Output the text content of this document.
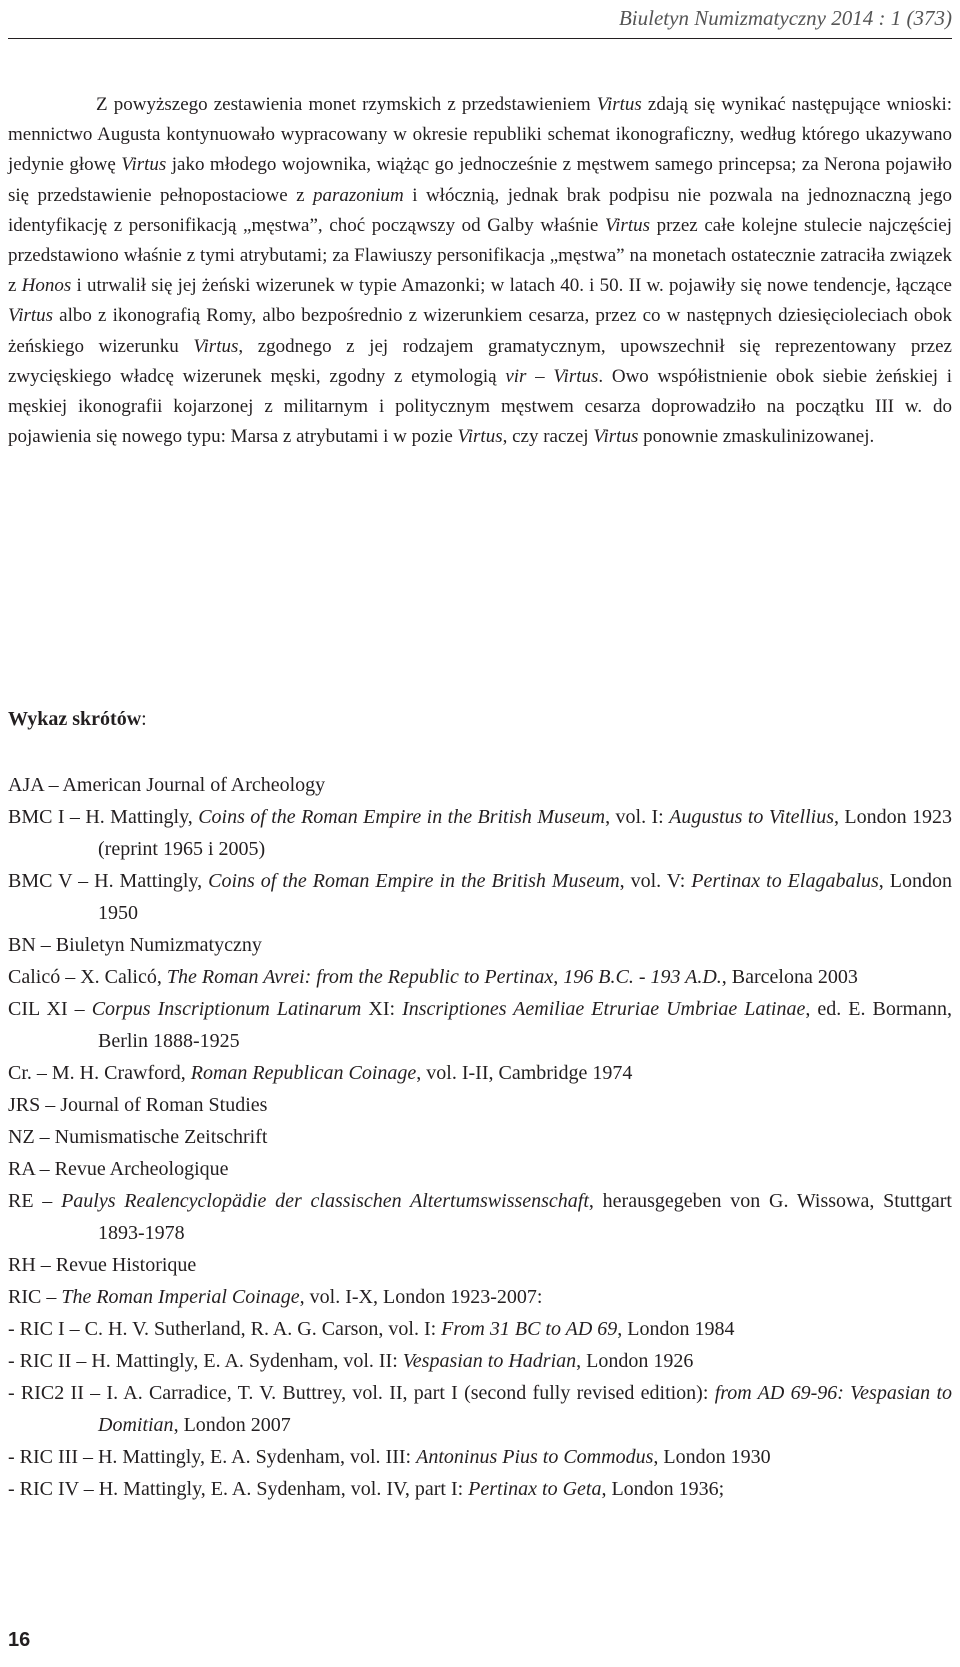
Biuletyn Numizmatyczny 2014 : 1 (373)

Z powyższego zestawienia monet rzymskich z przedstawieniem Virtus zdają się wynikać następujące wnioski: mennictwo Augusta kontynuowało wypracowany w okresie republiki schemat ikonograficzny, według którego ukazywano jedynie głowę Virtus jako młodego wojownika, wiążąc go jednocześnie z męstwem samego princepsa; za Nerona pojawiło się przedstawienie pełnopostaciowe z parazonium i włócznią, jednak brak podpisu nie pozwala na jednoznaczną jego identyfikację z personifikacją „męstwa”, choć począwszy od Galby właśnie Virtus przez całe kolejne stulecie najczęściej przedstawiono właśnie z tymi atrybutami; za Flawiuszy personifikacja „męstwa” na monetach ostatecznie zatraciła związek z Honos i utrwalił się jej żeński wizerunek w typie Amazonki; w latach 40. i 50. II w. pojawiły się nowe tendencje, łączące Virtus albo z ikonografią Romy, albo bezpośrednio z wizerunkiem cesarza, przez co w następnych dziesięcioleciach obok żeńskiego wizerunku Virtus, zgodnego z jej rodzajem gramatycznym, upowszechnił się reprezentowany przez zwycięskiego władcę wizerunek męski, zgodny z etymologią vir – Virtus. Owo współistnienie obok siebie żeńskiej i męskiej ikonografii kojarzonej z militarnym i politycznym męstwem cesarza doprowadziło na początku III w. do pojawienia się nowego typu: Marsa z atrybutami i w pozie Virtus, czy raczej Virtus ponownie zmaskulinizowanej.

Wykaz skrótów:
AJA – American Journal of Archeology
BMC I – H. Mattingly, Coins of the Roman Empire in the British Museum, vol. I: Augustus to Vitellius, London 1923 (reprint 1965 i 2005)
BMC V – H. Mattingly, Coins of the Roman Empire in the British Museum, vol. V: Pertinax to Elagabalus, London 1950
BN – Biuletyn Numizmatyczny
Calicó – X. Calicó, The Roman Avrei: from the Republic to Pertinax, 196 B.C. - 193 A.D., Barcelona 2003
CIL XI – Corpus Inscriptionum Latinarum XI: Inscriptiones Aemiliae Etruriae Umbriae Latinae, ed. E. Bormann, Berlin 1888-1925
Cr. – M. H. Crawford, Roman Republican Coinage, vol. I-II, Cambridge 1974
JRS – Journal of Roman Studies
NZ – Numismatische Zeitschrift
RA – Revue Archeologique
RE – Paulys Realencyclopädie der classischen Altertumswissenschaft, herausgegeben von G. Wissowa, Stuttgart 1893-1978
RH – Revue Historique
RIC – The Roman Imperial Coinage, vol. I-X, London 1923-2007:
- RIC I – C. H. V. Sutherland, R. A. G. Carson, vol. I: From 31 BC to AD 69, London 1984
- RIC II – H. Mattingly, E. A. Sydenham, vol. II: Vespasian to Hadrian, London 1926
- RIC2 II – I. A. Carradice, T. V. Buttrey, vol. II, part I (second fully revised edition): from AD 69-96: Vespasian to Domitian, London 2007
- RIC III – H. Mattingly, E. A. Sydenham, vol. III: Antoninus Pius to Commodus, London 1930
- RIC IV – H. Mattingly, E. A. Sydenham, vol. IV, part I: Pertinax to Geta, London 1936;
16
